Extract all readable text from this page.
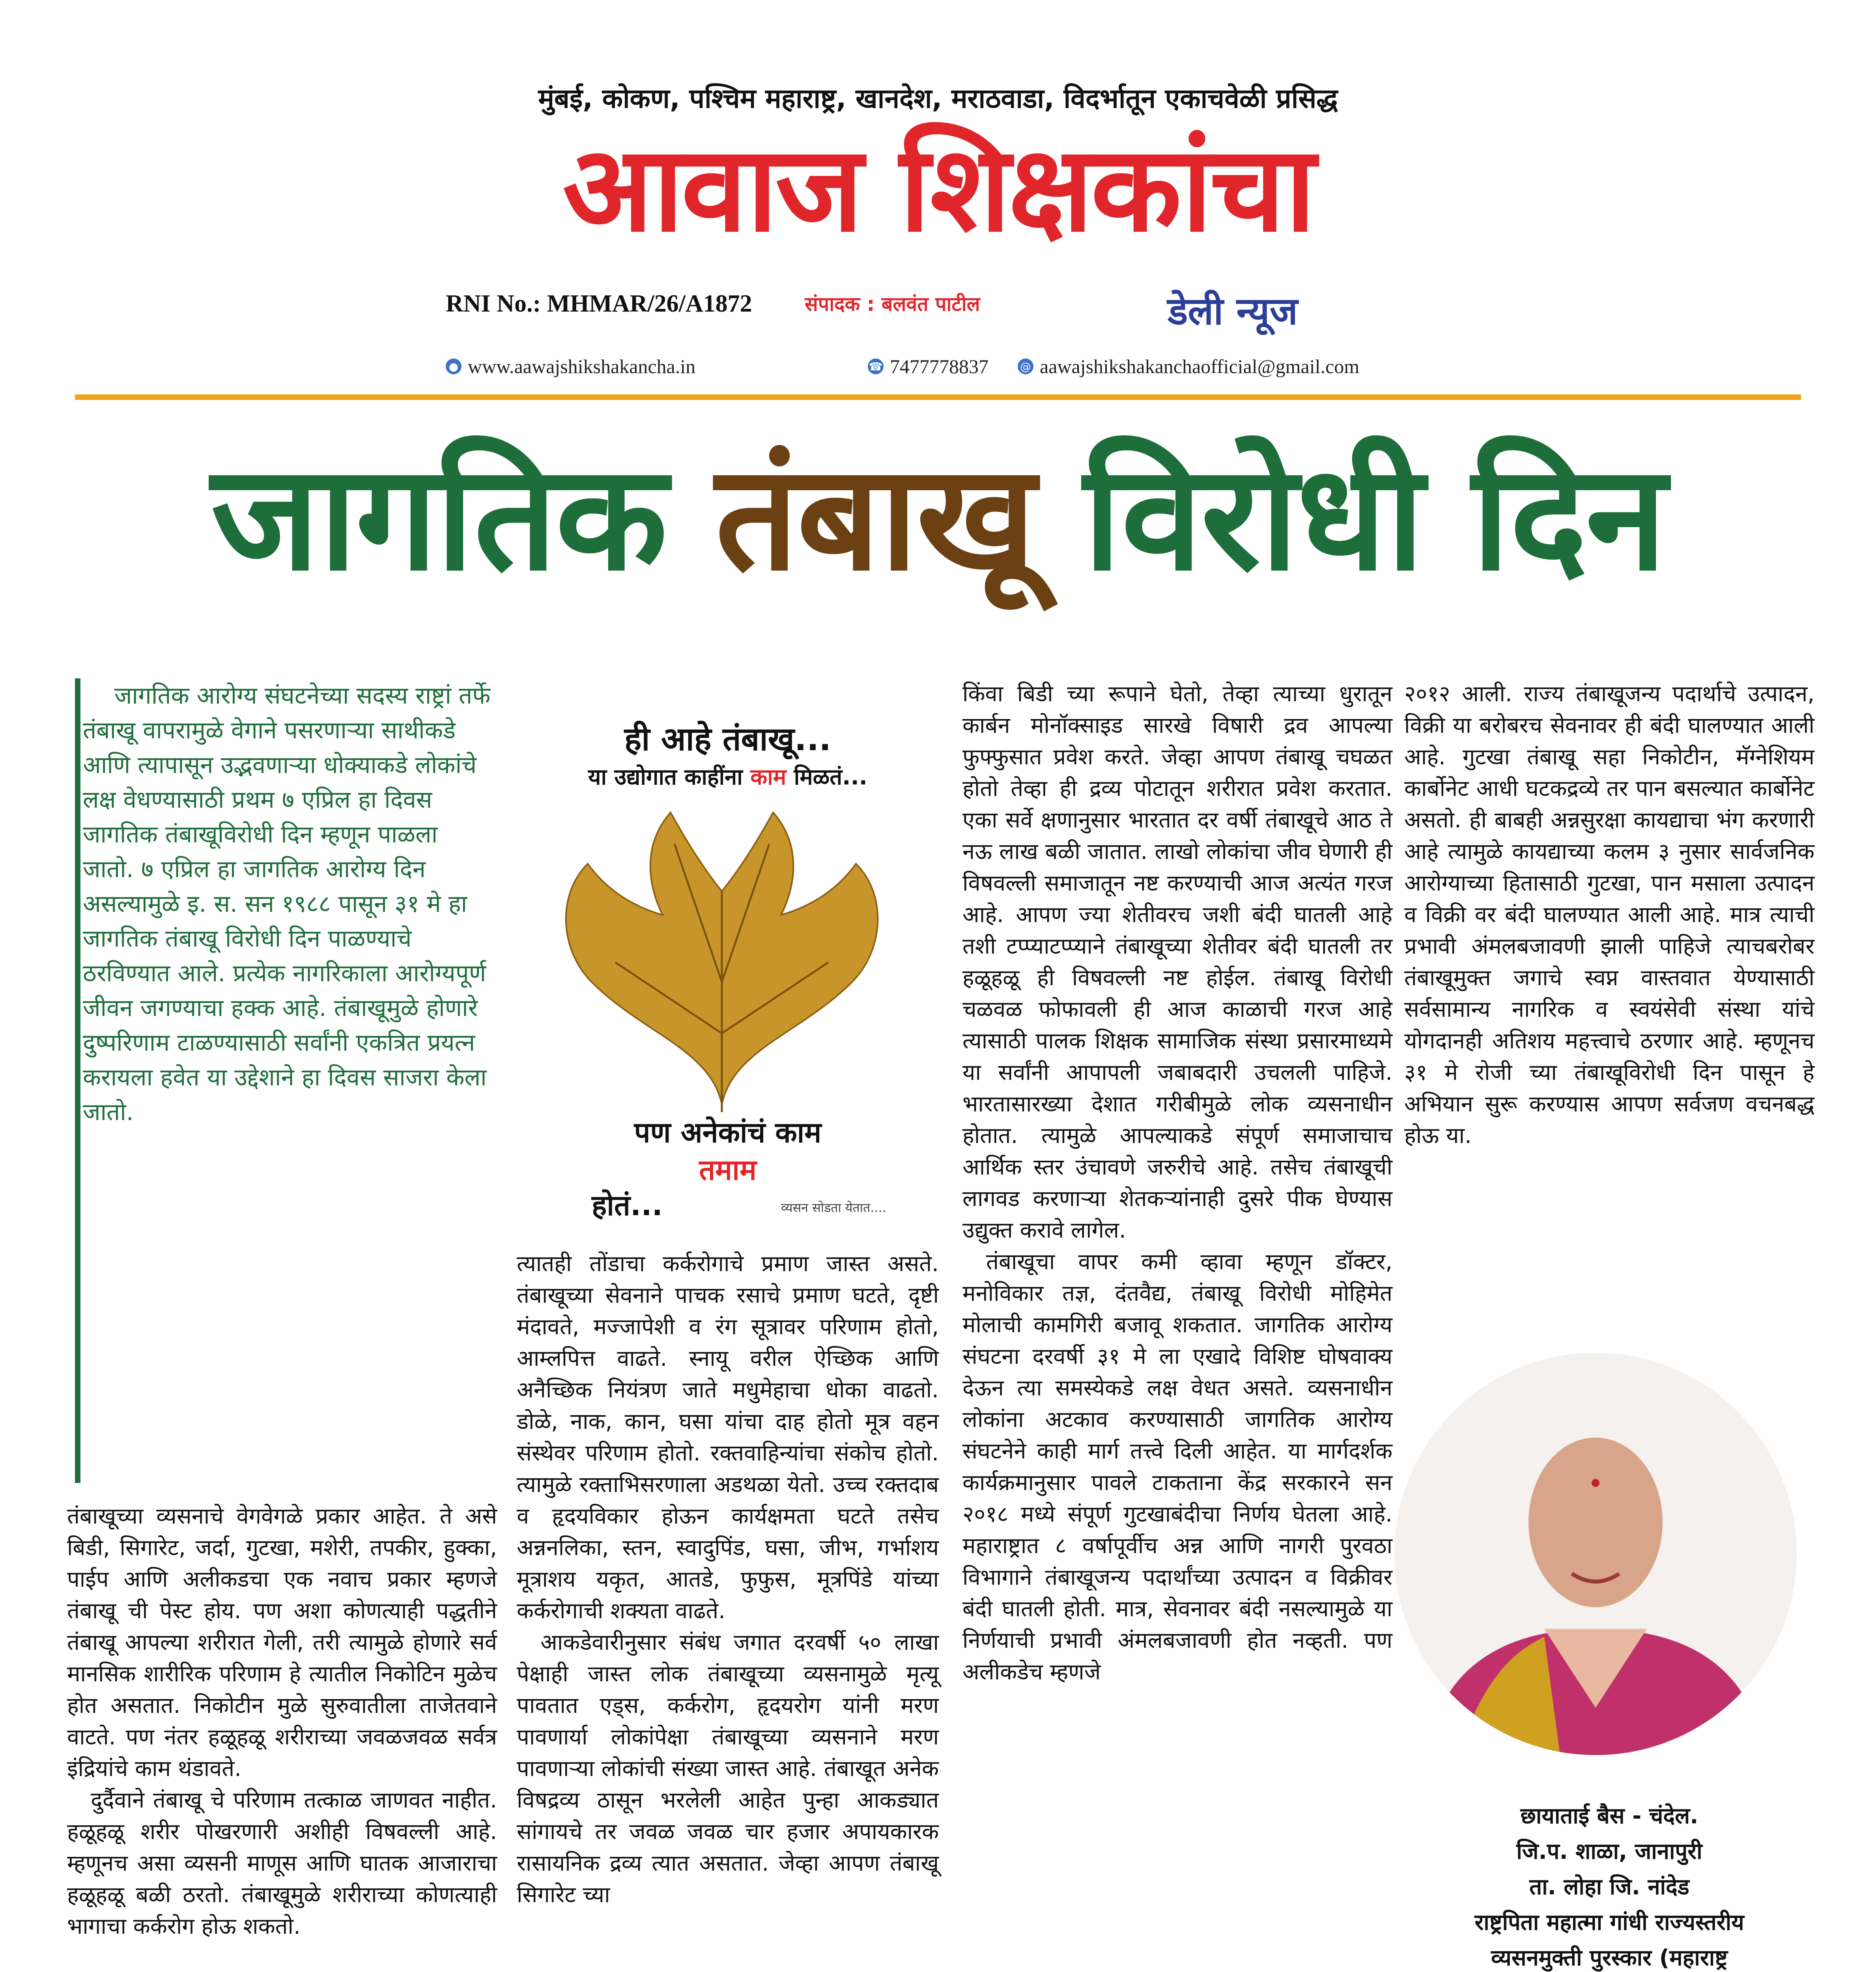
मुंबई, कोकण, पश्चिम महाराष्ट्र, खानदेश, मराठवाडा, विदर्भातून एकाचवेळी प्रसिद्ध
आवाज शिक्षकांचा
RNI No.: MHMAR/26/A1872	संपादक : बलवंत पाटील	डेली न्यूज
● www.aawajshikshakancha.in	☎ 7477778837	@ aawajshikshakanchaofficial@gmail.com
जागतिक तंबाखू विरोधी दिन

जागतिक आरोग्य संघटनेच्या सदस्य राष्ट्रां तर्फे तंबाखू वापरामुळे वेगाने पसरणाऱ्या साथीकडे आणि त्यापासून उद्भवणाऱ्या धोक्याकडे लोकांचे लक्ष वेधण्यासाठी प्रथम ७ एप्रिल हा दिवस जागतिक तंबाखूविरोधी दिन म्हणून पाळला जातो. ७ एप्रिल हा जागतिक आरोग्य दिन असल्यामुळे इ. स. सन १९८८ पासून ३१ मे हा जागतिक तंबाखू विरोधी दिन पाळण्याचे ठरविण्यात आले. प्रत्येक नागरिकाला आरोग्यपूर्ण जीवन जगण्याचा हक्क आहे. तंबाखूमुळे होणारे दुष्परिणाम टाळण्यासाठी सर्वांनी एकत्रित प्रयत्न करायला हवेत या उद्देशाने हा दिवस साजरा केला जातो.

तंबाखूच्या व्यसनाचे वेगवेगळे प्रकार आहेत. ते असे बिडी, सिगारेट, जर्दा, गुटखा, मशेरी, तपकीर, हुक्का, पाईप आणि अलीकडचा एक नवाच प्रकार म्हणजे तंबाखू ची पेस्ट होय. पण अशा कोणत्याही पद्धतीने तंबाखू आपल्या शरीरात गेली, तरी त्यामुळे होणारे सर्व मानसिक शारीरिक परिणाम हे त्यातील निकोटिन मुळेच होत असतात. निकोटीन मुळे सुरुवातीला ताजेतवाने वाटते. पण नंतर हळूहळू शरीराच्या जवळजवळ सर्वत्र इंद्रियांचे काम थंडावते.

दुर्दैवाने तंबाखू चे परिणाम तत्काळ जाणवत नाहीत. हळूहळू शरीर पोखरणारी अशीही विषवल्ली आहे. म्हणूनच असा व्यसनी माणूस आणि घातक आजाराचा हळूहळू बळी ठरतो. तंबाखूमुळे शरीराच्या कोणत्याही भागाचा कर्करोग होऊ शकतो.

ही आहे तंबाखू...
या उद्योगात काहींना काम मिळतं...
पण अनेकांचं काम
तमाम
होतं...	व्यसन सोडता येतात....

त्यातही तोंडाचा कर्करोगाचे प्रमाण जास्त असते. तंबाखूच्या सेवनाने पाचक रसाचे प्रमाण घटते, दृष्टी मंदावते, मज्जापेशी व रंग सूत्रावर परिणाम होतो, आम्लपित्त वाढते. स्नायू वरील ऐच्छिक आणि अनैच्छिक नियंत्रण जाते मधुमेहाचा धोका वाढतो. डोळे, नाक, कान, घसा यांचा दाह होतो मूत्र वहन संस्थेवर परिणाम होतो. रक्तवाहिन्यांचा संकोच होतो. त्यामुळे रक्ताभिसरणाला अडथळा येतो. उच्च रक्तदाब व हृदयविकार होऊन कार्यक्षमता घटते तसेच अन्ननलिका, स्तन, स्वादुपिंड, घसा, जीभ, गर्भाशय मूत्राशय यकृत, आतडे, फुफुस, मूत्रपिंडे यांच्या कर्करोगाची शक्यता वाढते.

आकडेवारीनुसार संबंध जगात दरवर्षी ५० लाखा पेक्षाही जास्त लोक तंबाखूच्या व्यसनामुळे मृत्यू पावतात एड्स, कर्करोग, हृदयरोग यांनी मरण पावणार्या लोकांपेक्षा तंबाखूच्या व्यसनाने मरण पावणाऱ्या लोकांची संख्या जास्त आहे. तंबाखूत अनेक विषद्रव्य ठासून भरलेली आहेत पुन्हा आकड्यात सांगायचे तर जवळ जवळ चार हजार अपायकारक रासायनिक द्रव्य त्यात असतात. जेव्हा आपण तंबाखू सिगारेट च्या

किंवा बिडी च्या रूपाने घेतो, तेव्हा त्याच्या धुरातून कार्बन मोनॉक्साइड सारखे विषारी द्रव आपल्या फुफ्फुसात प्रवेश करते. जेव्हा आपण तंबाखू चघळत होतो तेव्हा ही द्रव्य पोटातून शरीरात प्रवेश करतात. एका सर्वे क्षणानुसार भारतात दर वर्षी तंबाखूचे आठ ते नऊ लाख बळी जातात. लाखो लोकांचा जीव घेणारी ही विषवल्ली समाजातून नष्ट करण्याची आज अत्यंत गरज आहे. आपण ज्या शेतीवरच जशी बंदी घातली आहे तशी टप्प्याटप्प्याने तंबाखूच्या शेतीवर बंदी घातली तर हळूहळू ही विषवल्ली नष्ट होईल. तंबाखू विरोधी चळवळ फोफावली ही आज काळाची गरज आहे त्यासाठी पालक शिक्षक सामाजिक संस्था प्रसारमाध्यमे या सर्वांनी आपापली जबाबदारी उचलली पाहिजे. भारतासारख्या देशात गरीबीमुळे लोक व्यसनाधीन होतात. त्यामुळे आपल्याकडे संपूर्ण समाजाचाच आर्थिक स्तर उंचावणे जरुरीचे आहे. तसेच तंबाखूची लागवड करणाऱ्या शेतकऱ्यांनाही दुसरे पीक घेण्यास उद्युक्त करावे लागेल.

तंबाखूचा वापर कमी व्हावा म्हणून डॉक्टर, मनोविकार तज्ञ, दंतवैद्य, तंबाखू विरोधी मोहिमेत मोलाची कामगिरी बजावू शकतात. जागतिक आरोग्य संघटना दरवर्षी ३१ मे ला एखादे विशिष्ट घोषवाक्य देऊन त्या समस्येकडे लक्ष वेधत असते. व्यसनाधीन लोकांना अटकाव करण्यासाठी जागतिक आरोग्य संघटनेने काही मार्ग तत्त्वे दिली आहेत. या मार्गदर्शक कार्यक्रमानुसार पावले टाकताना केंद्र सरकारने सन २०१८ मध्ये संपूर्ण गुटखाबंदीचा निर्णय घेतला आहे. महाराष्ट्रात ८ वर्षापूर्वीच अन्न आणि नागरी पुरवठा विभागाने तंबाखूजन्य पदार्थांच्या उत्पादन व विक्रीवर बंदी घातली होती. मात्र, सेवनावर बंदी नसल्यामुळे या निर्णयाची प्रभावी अंमलबजावणी होत नव्हती. पण अलीकडेच म्हणजे

२०१२ आली. राज्य तंबाखूजन्य पदार्थाचे उत्पादन, विक्री या बरोबरच सेवनावर ही बंदी घालण्यात आली आहे. गुटखा तंबाखू सहा निकोटीन, मॅग्नेशियम कार्बोनेट आधी घटकद्रव्ये तर पान बसल्यात कार्बोनेट असतो. ही बाबही अन्नसुरक्षा कायद्याचा भंग करणारी आहे त्यामुळे कायद्याच्या कलम ३ नुसार सार्वजनिक आरोग्याच्या हितासाठी गुटखा, पान मसाला उत्पादन व विक्री वर बंदी घालण्यात आली आहे. मात्र त्याची प्रभावी अंमलबजावणी झाली पाहिजे त्याचबरोबर तंबाखूमुक्त जगाचे स्वप्न वास्तवात येण्यासाठी सर्वसामान्य नागरिक व स्वयंसेवी संस्था यांचे योगदानही अतिशय महत्त्वाचे ठरणार आहे. म्हणूनच ३१ मे रोजी च्या तंबाखूविरोधी दिन पासून हे अभियान सुरू करण्यास आपण सर्वजण वचनबद्ध होऊ या.

छायाताई बैस - चंदेल.
जि.प. शाळा, जानापुरी
ता. लोहा जि. नांदेड
राष्ट्रपिता महात्मा गांधी राज्यस्तरीय
व्यसनमुक्ती पुरस्कार (महाराष्ट्र
